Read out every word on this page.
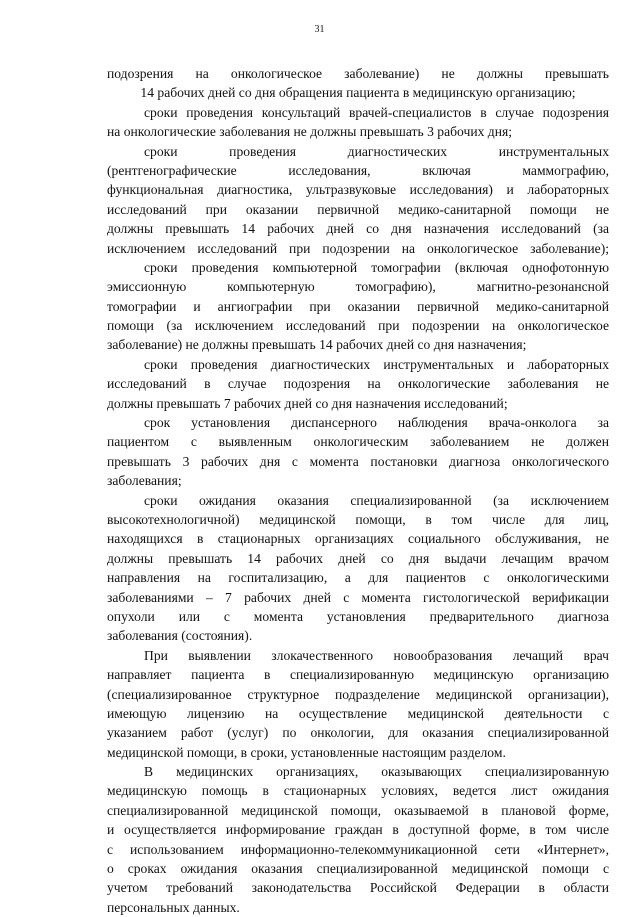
31
подозрения на онкологическое заболевание) не должны превышать
14 рабочих дней со дня обращения пациента в медицинскую организацию;
сроки проведения консультаций врачей-специалистов в случае подозрения
на онкологические заболевания не должны превышать 3 рабочих дня;
сроки проведения диагностических инструментальных
(рентгенографические исследования, включая маммографию,
функциональная диагностика, ультразвуковые исследования) и лабораторных
исследований при оказании первичной медико-санитарной помощи не
должны превышать 14 рабочих дней со дня назначения исследований (за
исключением исследований при подозрении на онкологическое заболевание);
сроки проведения компьютерной томографии (включая однофотонную
эмиссионную компьютерную томографию), магнитно-резонансной
томографии и ангиографии при оказании первичной медико-санитарной
помощи (за исключением исследований при подозрении на онкологическое
заболевание) не должны превышать 14 рабочих дней со дня назначения;
сроки проведения диагностических инструментальных и лабораторных
исследований в случае подозрения на онкологические заболевания не
должны превышать 7 рабочих дней со дня назначения исследований;
срок установления диспансерного наблюдения врача-онколога за
пациентом с выявленным онкологическим заболеванием не должен
превышать 3 рабочих дня с момента постановки диагноза онкологического
заболевания;
сроки ожидания оказания специализированной (за исключением
высокотехнологичной) медицинской помощи, в том числе для лиц,
находящихся в стационарных организациях социального обслуживания, не
должны превышать 14 рабочих дней со дня выдачи лечащим врачом
направления на госпитализацию, а для пациентов с онкологическими
заболеваниями – 7 рабочих дней с момента гистологической верификации
опухоли или с момента установления предварительного диагноза
заболевания (состояния).
При выявлении злокачественного новообразования лечащий врач
направляет пациента в специализированную медицинскую организацию
(специализированное структурное подразделение медицинской организации),
имеющую лицензию на осуществление медицинской деятельности с
указанием работ (услуг) по онкологии, для оказания специализированной
медицинской помощи, в сроки, установленные настоящим разделом.
В медицинских организациях, оказывающих специализированную
медицинскую помощь в стационарных условиях, ведется лист ожидания
специализированной медицинской помощи, оказываемой в плановой форме,
и осуществляется информирование граждан в доступной форме, в том числе
с использованием информационно-телекоммуникационной сети «Интернет»,
о сроках ожидания оказания специализированной медицинской помощи с
учетом требований законодательства Российской Федерации в области
персональных данных.
